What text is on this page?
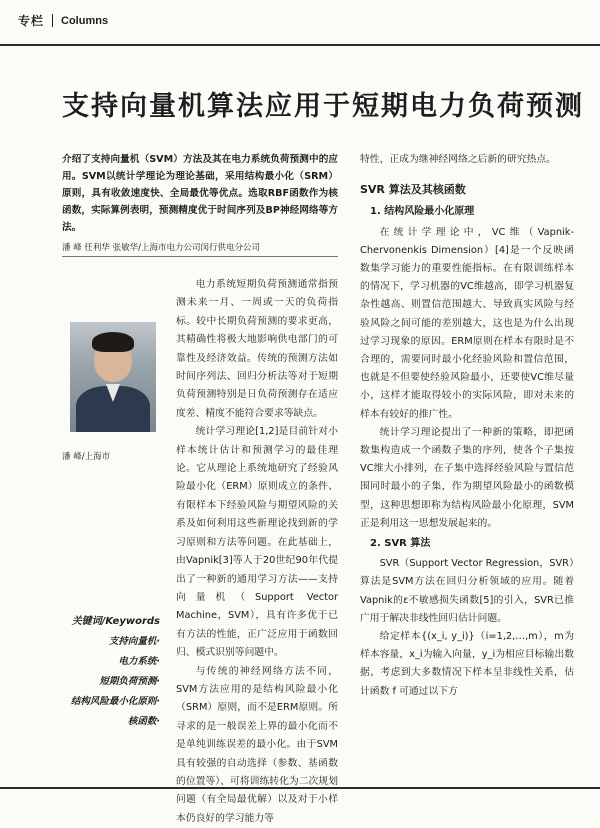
专栏 Columns
支持向量机算法应用于短期电力负荷预测
介绍了支持向量机（SVM）方法及其在电力系统负荷预测中的应用。SVM以统计学理论为理论基础，采用结构最小化（SRM）原则，具有收敛速度快、全局最优等优点。选取RBF函数作为核函数，实际算例表明，预测精度优于时间序列及BP神经网络等方法。
潘 峰 任利华 张敏华/上海市电力公司闵行供电分公司
潘 峰/上海市
关键词/Keywords
支持向量机·
电力系统·
短期负荷预测·
结构风险最小化原则·
核函数·

电力系统短期负荷预测通常指预测未来一月、一周或一天的负荷指标。较中长期负荷预测的要求更高，其精确性将极大地影响供电部门的可靠性及经济效益。传统的预测方法如时间序列法、回归分析法等对于短期负荷预测特别是日负荷预测存在适应度差、精度不能符合要求等缺点。

统计学习理论[1,2]是目前针对小样本统计估计和预测学习的最佳理论。它从理论上系统地研究了经验风险最小化（ERM）原则成立的条件、有限样本下经验风险与期望风险的关系及如何利用这些新理论找到新的学习原则和方法等问题。在此基础上，由Vapnik[3]等人于20世纪90年代提出了一种新的通用学习方法——支持向量机（Support Vector Machine，SVM），具有许多优于已有方法的性能，正广泛应用于函数回归、模式识别等问题中。

与传统的神经网络方法不同，SVM方法应用的是结构风险最小化（SRM）原则，而不是ERM原则。所寻求的是一般误差上界的最小化而不是单纯训练误差的最小化。由于SVM具有较强的自动选择（参数、基函数的位置等）、可将训练转化为二次规划问题（有全局最优解）以及对于小样本仍良好的学习能力等

特性，正成为继神经网络之后新的研究热点。

SVR 算法及其核函数

1. 结构风险最小化原理

在统计学理论中，VC维（Vapnik-Chervonenkis Dimension）[4]是一个反映函数集学习能力的重要性能指标。在有限训练样本的情况下，学习机器的VC维越高，即学习机器复杂性越高、则置信范围越大、导致真实风险与经验风险之间可能的差别越大，这也是为什么出现过学习现象的原因。ERM原则在样本有限时是不合理的，需要同时最小化经验风险和置信范围，也就是不但要使经验风险最小，还要使VC维尽量小，这样才能取得较小的实际风险，即对未来的样本有较好的推广性。

统计学习理论提出了一种新的策略，即把函数集构造成一个函数子集的序列，使各个子集按VC维大小排列，在子集中选择经验风险与置信范围同时最小的子集，作为期望风险最小的函数模型，这种思想即称为结构风险最小化原理，SVM正是利用这一思想发展起来的。

2. SVR 算法

SVR（Support Vector Regression，SVR）算法是SVM方法在回归分析领域的应用。随着Vapnik的ε不敏感损失函数[5]的引入，SVR已推广用于解决非线性回归估计问题。

给定样本{(x_i, y_i)}（i=1,2,…,m），m为样本容量，x_i为输入向量，y_i为相应目标输出数据，考虑到大多数情况下样本呈非线性关系，估计函数 f 可通过以下方
